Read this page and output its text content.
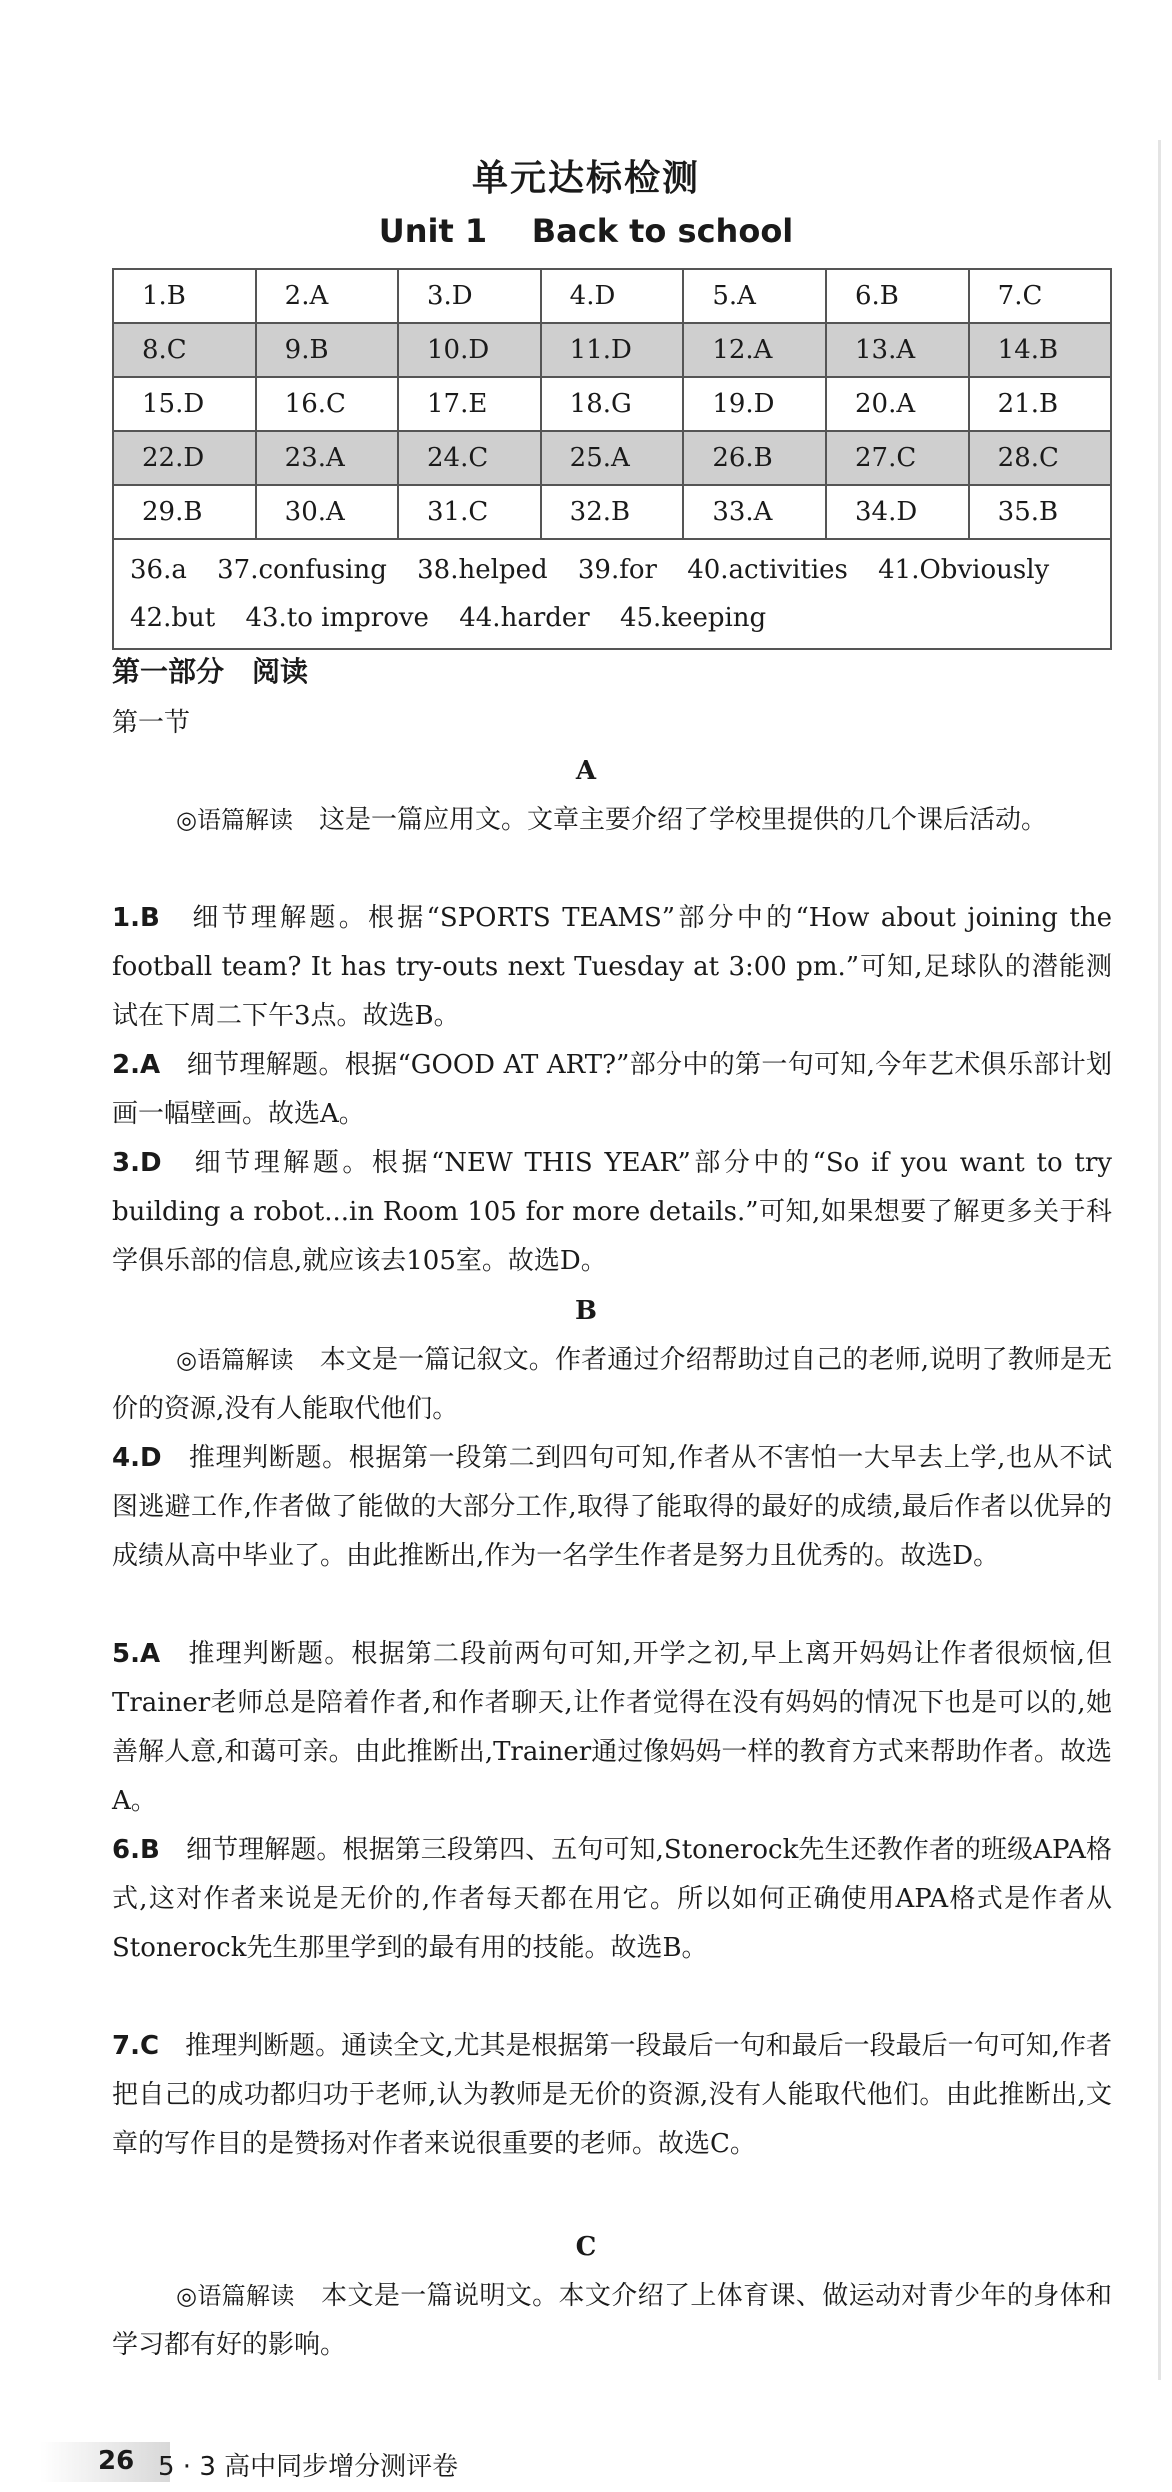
单元达标检测
Unit 1    Back to school
1.B	2.A	3.D	4.D	5.A	6.B	7.C
8.C	9.B	10.D	11.D	12.A	13.A	14.B
15.D	16.C	17.E	18.G	19.D	20.A	21.B
22.D	23.A	24.C	25.A	26.B	27.C	28.C
29.B	30.A	31.C	32.B	33.A	34.D	35.B

36.a 37.confusing 38.helped 39.for 40.activities 41.Obviously
42.but 43.to improve 44.harder 45.keeping						
第一部分　阅读
第一节
A
◎语篇解读　这是一篇应用文。文章主要介绍了学校里提供的几个课后活动。
1.B　细节理解题。根据“SPORTS TEAMS”部分中的“How about joining the football team? It has try-outs next Tuesday at 3:00 pm.”可知,足球队的潜能测试在下周二下午3点。故选B。
2.A　细节理解题。根据“GOOD AT ART?”部分中的第一句可知,今年艺术俱乐部计划画一幅壁画。故选A。
3.D　细节理解题。根据“NEW THIS YEAR”部分中的“So if you want to try building a robot...in Room 105 for more details.”可知,如果想要了解更多关于科学俱乐部的信息,就应该去105室。故选D。
B
◎语篇解读　本文是一篇记叙文。作者通过介绍帮助过自己的老师,说明了教师是无价的资源,没有人能取代他们。
4.D　推理判断题。根据第一段第二到四句可知,作者从不害怕一大早去上学,也从不试图逃避工作,作者做了能做的大部分工作,取得了能取得的最好的成绩,最后作者以优异的成绩从高中毕业了。由此推断出,作为一名学生作者是努力且优秀的。故选D。
5.A　推理判断题。根据第二段前两句可知,开学之初,早上离开妈妈让作者很烦恼,但Trainer老师总是陪着作者,和作者聊天,让作者觉得在没有妈妈的情况下也是可以的,她善解人意,和蔼可亲。由此推断出,Trainer通过像妈妈一样的教育方式来帮助作者。故选A。
6.B　细节理解题。根据第三段第四、五句可知,Stonerock先生还教作者的班级APA格式,这对作者来说是无价的,作者每天都在用它。所以如何正确使用APA格式是作者从Stonerock先生那里学到的最有用的技能。故选B。
7.C　推理判断题。通读全文,尤其是根据第一段最后一句和最后一段最后一句可知,作者把自己的成功都归功于老师,认为教师是无价的资源,没有人能取代他们。由此推断出,文章的写作目的是赞扬对作者来说很重要的老师。故选C。
C
◎语篇解读　本文是一篇说明文。本文介绍了上体育课、做运动对青少年的身体和学习都有好的影响。
26 5 · 3 高中同步增分测评卷
